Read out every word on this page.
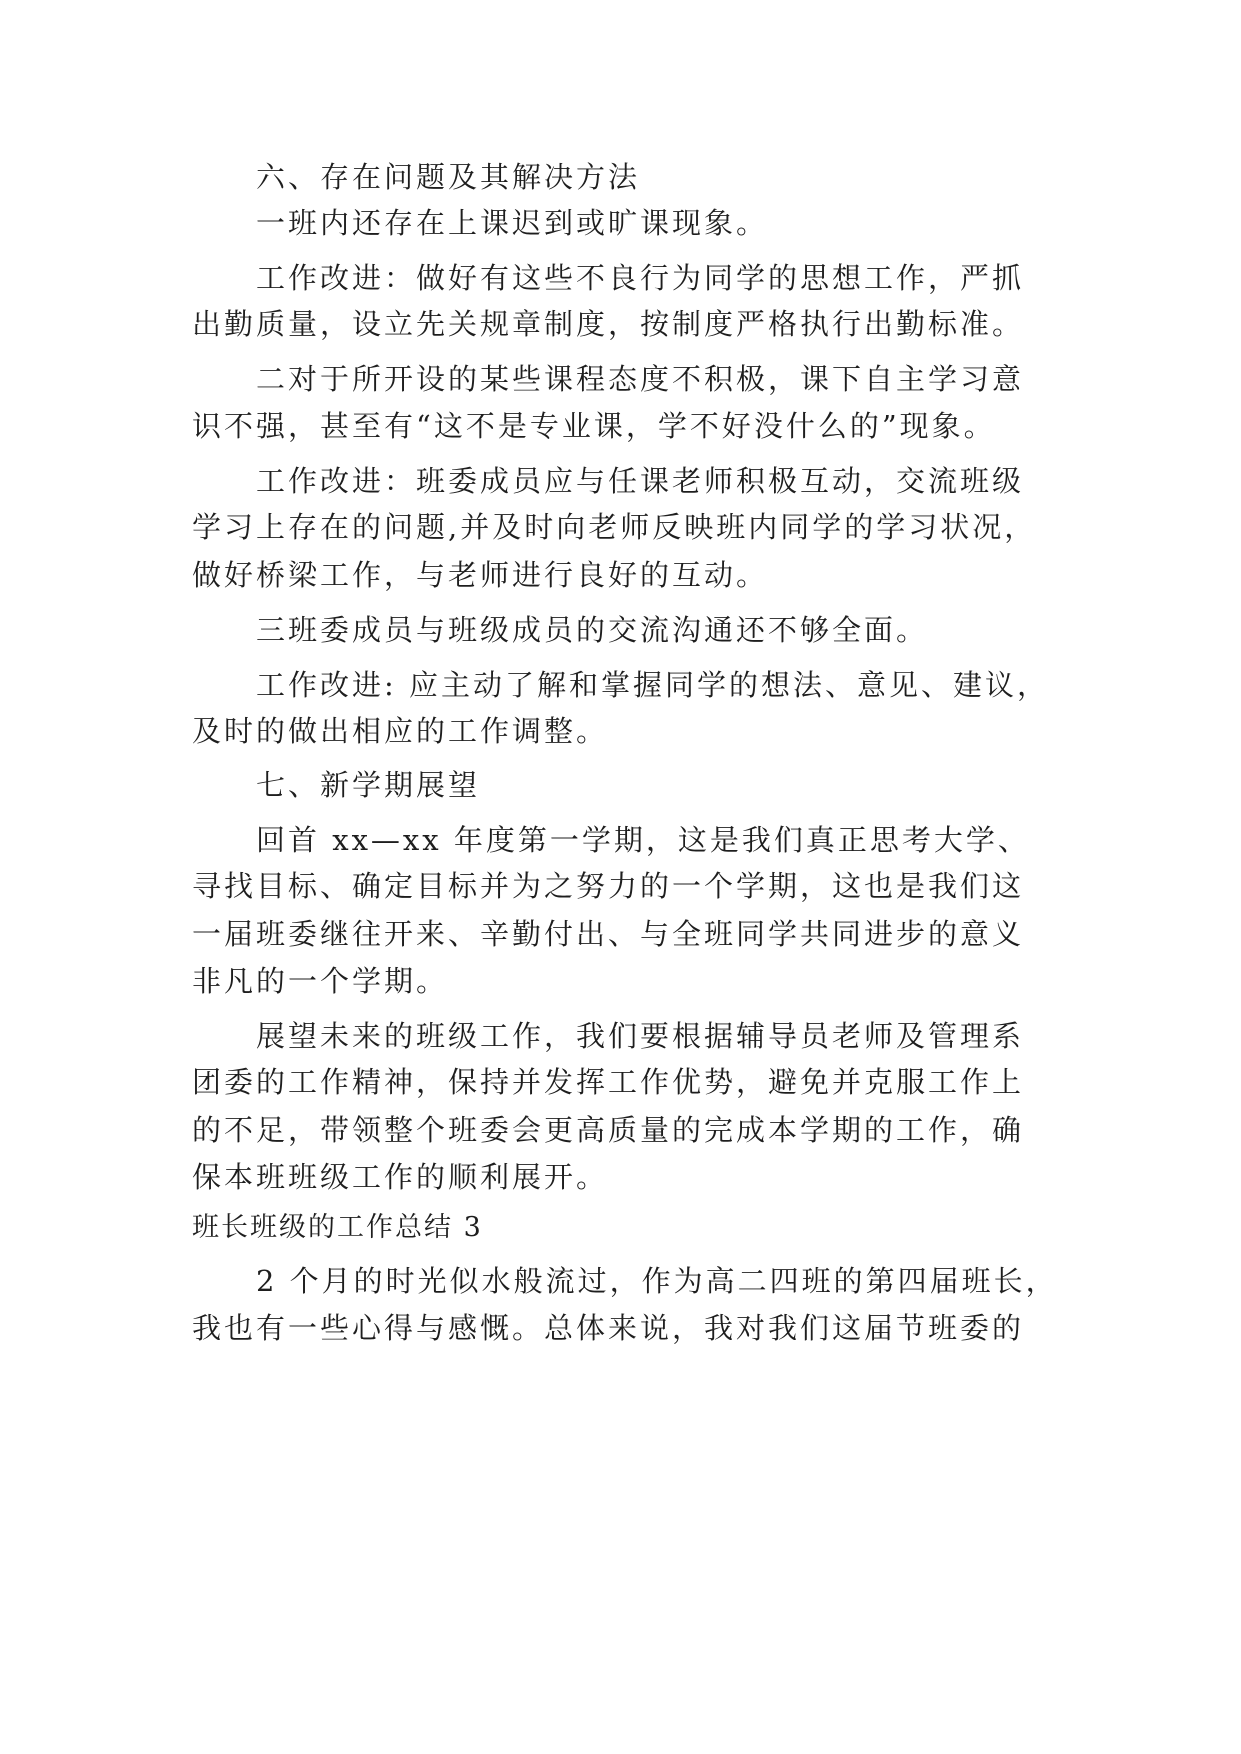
六、存在问题及其解决方法
一班内还存在上课迟到或旷课现象。
工作改进：做好有这些不良行为同学的思想工作，严抓
出勤质量，设立先关规章制度，按制度严格执行出勤标准。
二对于所开设的某些课程态度不积极，课下自主学习意
识不强，甚至有“这不是专业课，学不好没什么的”现象。
工作改进：班委成员应与任课老师积极互动，交流班级
学习上存在的问题,并及时向老师反映班内同学的学习状况，
做好桥梁工作，与老师进行良好的互动。
三班委成员与班级成员的交流沟通还不够全面。
工作改进: 应主动了解和掌握同学的想法、意见、建议，
及时的做出相应的工作调整。
七、新学期展望
回首 xx—xx 年度第一学期，这是我们真正思考大学、
寻找目标、确定目标并为之努力的一个学期，这也是我们这
一届班委继往开来、辛勤付出、与全班同学共同进步的意义
非凡的一个学期。
展望未来的班级工作，我们要根据辅导员老师及管理系
团委的工作精神，保持并发挥工作优势，避免并克服工作上
的不足，带领整个班委会更高质量的完成本学期的工作，确
保本班班级工作的顺利展开。
班长班级的工作总结 3
2 个月的时光似水般流过，作为高二四班的第四届班长，
我也有一些心得与感慨。总体来说，我对我们这届节班委的
